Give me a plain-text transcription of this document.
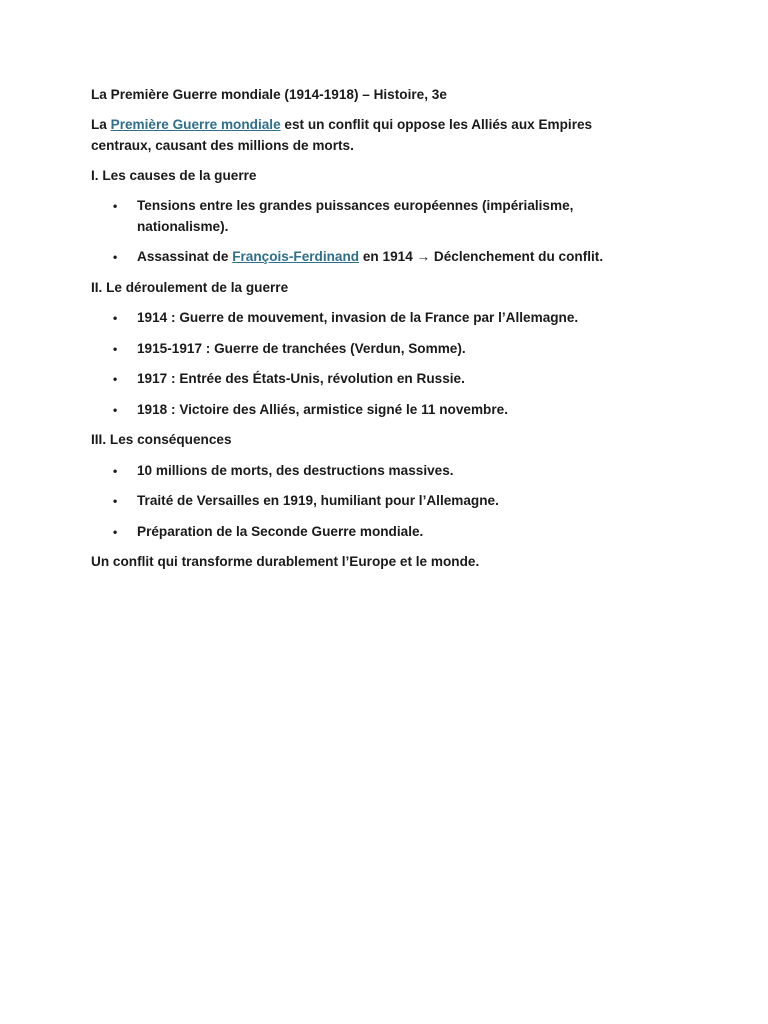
La Première Guerre mondiale (1914-1918) – Histoire, 3e

La Première Guerre mondiale est un conflit qui oppose les Alliés aux Empires centraux, causant des millions de morts.

I. Les causes de la guerre

• Tensions entre les grandes puissances européennes (impérialisme, nationalisme).
• Assassinat de François-Ferdinand en 1914 → Déclenchement du conflit.

II. Le déroulement de la guerre

• 1914 : Guerre de mouvement, invasion de la France par l’Allemagne.
• 1915-1917 : Guerre de tranchées (Verdun, Somme).
• 1917 : Entrée des États-Unis, révolution en Russie.
• 1918 : Victoire des Alliés, armistice signé le 11 novembre.

III. Les conséquences

• 10 millions de morts, des destructions massives.
• Traité de Versailles en 1919, humiliant pour l’Allemagne.
• Préparation de la Seconde Guerre mondiale.

Un conflit qui transforme durablement l’Europe et le monde.
